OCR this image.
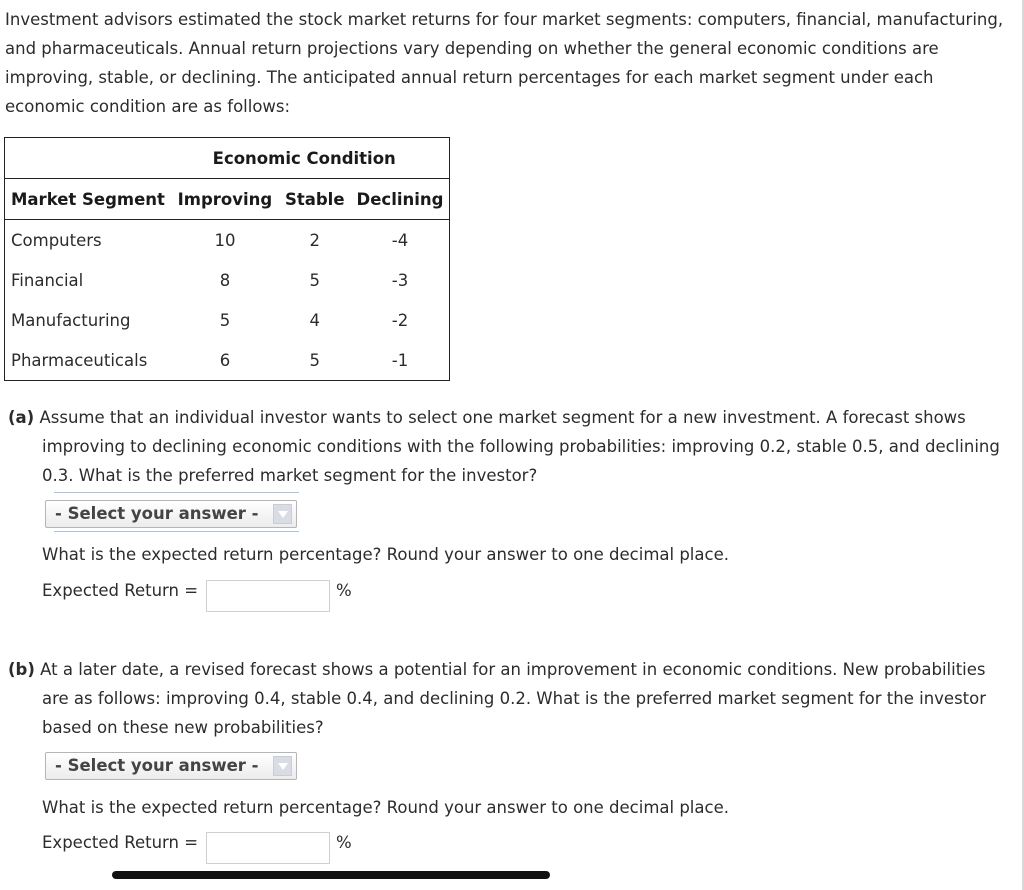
Investment advisors estimated the stock market returns for four market segments: computers, financial, manufacturing, and pharmaceuticals. Annual return projections vary depending on whether the general economic conditions are improving, stable, or declining. The anticipated annual return percentages for each market segment under each economic condition are as follows:

Economic Condition			
Market Segment	Improving	Stable	Declining
Computers	10	2	-4
Financial	8	5	-3
Manufacturing	5	4	-2
Pharmaceuticals	6	5	-1
(a) Assume that an individual investor wants to select one market segment for a new investment. A forecast shows improving to declining economic conditions with the following probabilities: improving 0.2, stable 0.5, and declining 0.3. What is the preferred market segment for the investor?
- Select your answer -

What is the expected return percentage? Round your answer to one decimal place.

Expected Return =	%

(b) At a later date, a revised forecast shows a potential for an improvement in economic conditions. New probabilities are as follows: improving 0.4, stable 0.4, and declining 0.2. What is the preferred market segment for the investor based on these new probabilities?
- Select your answer -

What is the expected return percentage? Round your answer to one decimal place.

Expected Return =	%
